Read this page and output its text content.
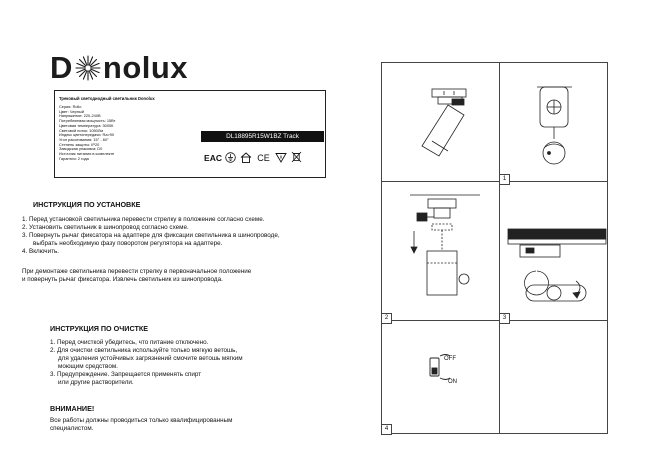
D nolux
Трековый светодиодный светильник Donolux
Серия: Rollo
Цвет: Черный
Напряжение: 220-240В
Потребляемая мощность: 15Вт
Цветовая температура: 3000К
Световой поток: 1050Лм
Индекс цветопередачи: Ra>90
Угол рассеивания: 15° - 60°
Степень защиты: IP20
Заводская упаковка: D0
Источник питания в комплекте
Гарантия: 2 года
DL18895R15W1BZ Track
EAC	CE
ИНСТРУКЦИЯ ПО УСТАНОВКЕ
1. Перед установкой светильника перевести стрелку в положение согласно схеме.
2. Установить светильник в шинопровод согласно схеме.
3. Повернуть рычаг фиксатора на адаптере для фиксации светильника в шинопроводе,
выбрать необходимую фазу поворотом регулятора на адаптере.
4. Включить.
При демонтаже светильника перевести стрелку в первоначальное положение
и повернуть рычаг фиксатора. Извлечь светильник из шинопровода.
ИНСТРУКЦИЯ ПО ОЧИСТКЕ
1. Перед очисткой убедитесь, что питание отключено.
2. Для очистки светильника используйте только мягкую ветошь,
для удаления устойчивых загрязнений смочите ветошь мягким
моющим средством.
3. Предупреждение. Запрещается применять спирт
или другие растворители.
ВНИМАНИЕ!
Все работы должны проводиться только квалифицированным
специалистом.
1
2	3
4
OFF
ON
